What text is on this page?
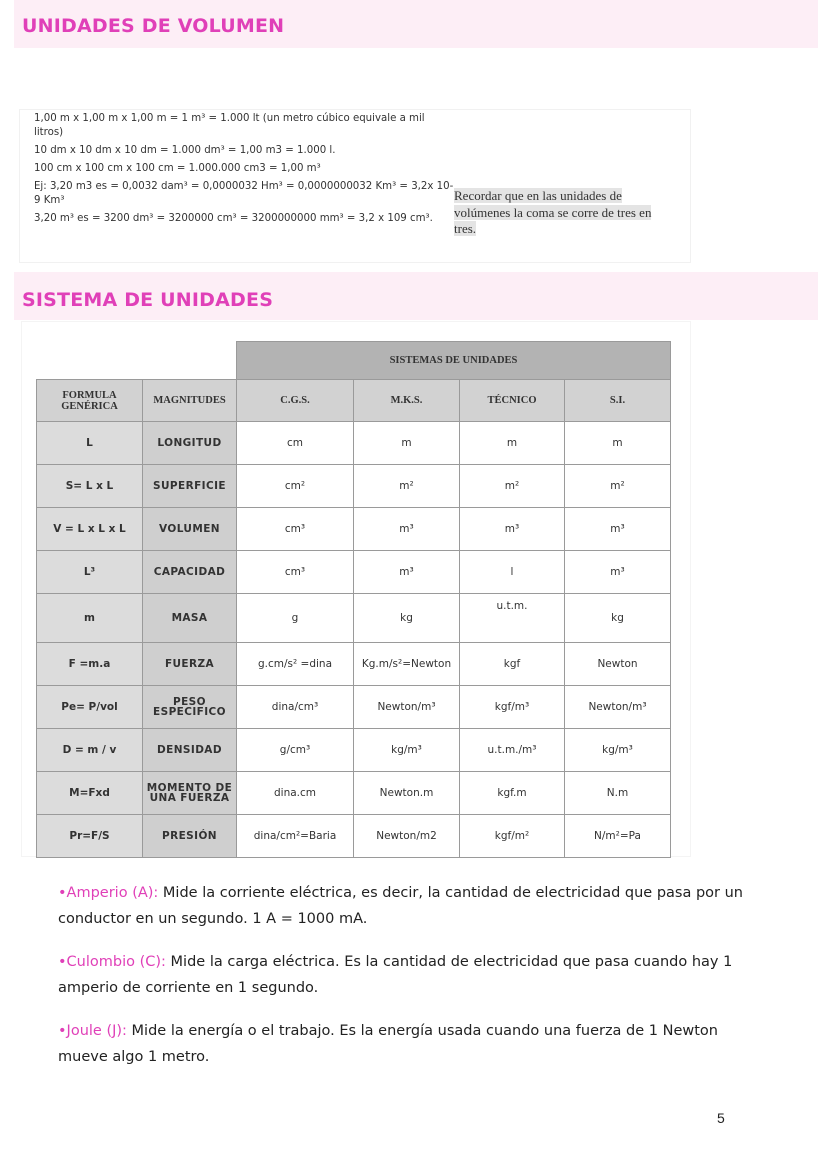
UNIDADES DE VOLUMEN

1,00 m x 1,00 m x 1,00 m = 1 m³ = 1.000 lt (un metro cúbico equivale a mil litros)

10 dm x 10 dm x 10 dm = 1.000 dm³ = 1,00 m3 = 1.000 l.

100 cm x 100 cm x 100 cm = 1.000.000 cm3 = 1,00 m³

Ej: 3,20 m3 es = 0,0032 dam³ = 0,0000032 Hm³ = 0,0000000032 Km³ = 3,2x 10-9 Km³

3,20 m³ es = 3200 dm³ = 3200000 cm³ = 3200000000 mm³ = 3,2 x 109 cm³.

Recordar que en las unidades de volúmenes la coma se corre de tres en tres.
SISTEMA DE UNIDADES
		SISTEMAS DE UNIDADES			
FORMULA GENÉRICA	MAGNITUDES	C.G.S.	M.K.S.	TÉCNICO	S.I.
L	LONGITUD	cm	m	m	m
S= L x L	SUPERFICIE	cm²	m²	m²	m²
V = L x L x L	VOLUMEN	cm³	m³	m³	m³
L³	CAPACIDAD	cm³	m³	l	m³
m	MASA	g	kg	u.t.m.	kg
F =m.a	FUERZA	g.cm/s² =dina	Kg.m/s²=Newton	kgf	Newton
Pe= P/vol	PESO ESPECIFICO	dina/cm³	Newton/m³	kgf/m³	Newton/m³
D = m / v	DENSIDAD	g/cm³	kg/m³	u.t.m./m³	kg/m³
M=Fxd	MOMENTO DE UNA FUERZA	dina.cm	Newton.m	kgf.m	N.m
Pr=F/S	PRESIÓN	dina/cm²=Baria	Newton/m2	kgf/m²	N/m²=Pa

•Amperio (A): Mide la corriente eléctrica, es decir, la cantidad de electricidad que pasa por un conductor en un segundo. 1 A = 1000 mA.

•Culombio (C): Mide la carga eléctrica. Es la cantidad de electricidad que pasa cuando hay 1 amperio de corriente en 1 segundo.

•Joule (J): Mide la energía o el trabajo. Es la energía usada cuando una fuerza de 1 Newton mueve algo 1 metro.

5
